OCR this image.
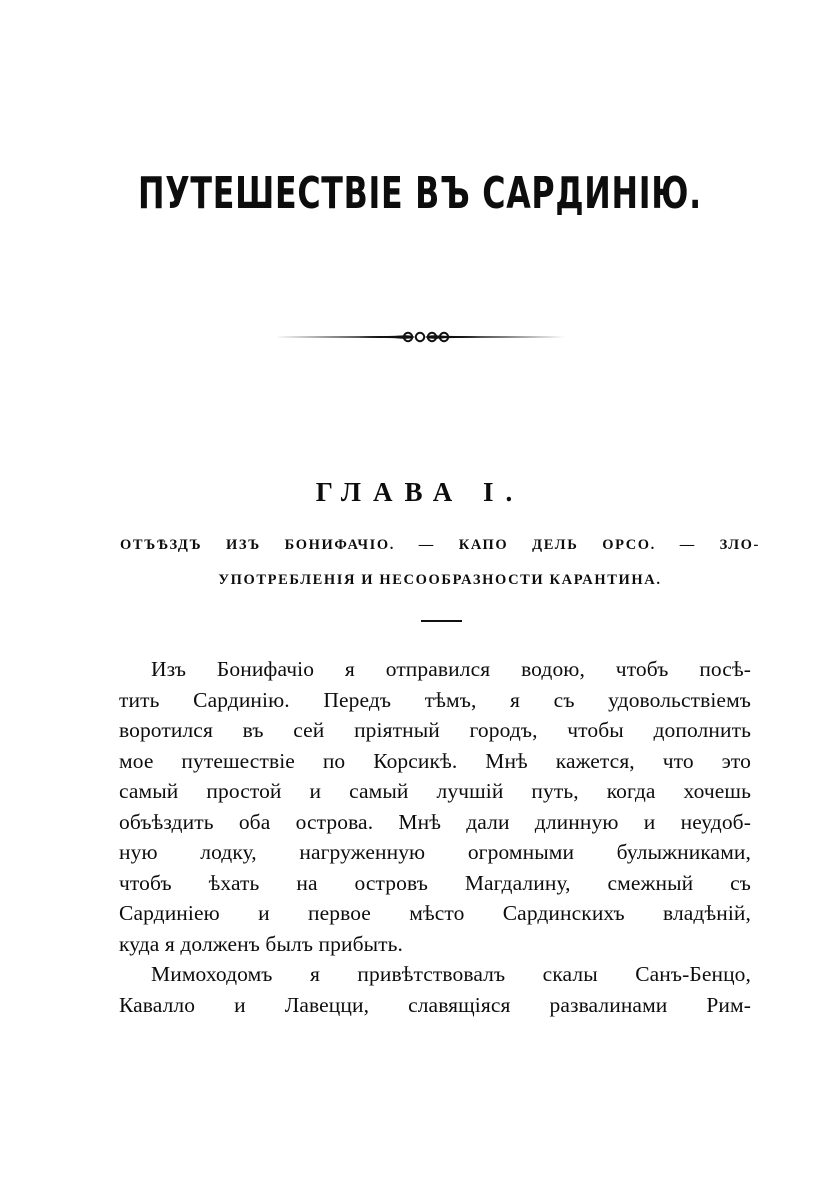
ПУТЕШЕСТВІЕ ВЪ САРДИНІЮ.
ГЛАВА I.
ОТЪѢЗДЪ ИЗЪ БОНИФАЧІО. — КАПО ДЕЛЬ ОРСО. — ЗЛО-
УПОТРЕБЛЕНІЯ И НЕСООБРАЗНОСТИ КАРАНТИНА.
Изъ Бонифачіо я отправился водою, чтобъ посѣ-
тить Сардинію. Передъ тѣмъ, я съ удовольствіемъ
воротился въ сей пріятный городъ, чтобы дополнить
мое путешествіе по Корсикѣ. Мнѣ кажется, что это
самый простой и самый лучшій путь, когда хочешь
объѣздить оба острова. Мнѣ дали длинную и неудоб-
ную лодку, нагруженную огромными булыжниками,
чтобъ ѣхать на островъ Магдалину, смежный съ
Сардиніею и первое мѣсто Сардинскихъ владѣній,
куда я долженъ былъ прибыть.
Мимоходомъ я привѣтствовалъ скалы Санъ-Бенцо,
Кавалло и Лавецци, славящіяся развалинами Рим-
